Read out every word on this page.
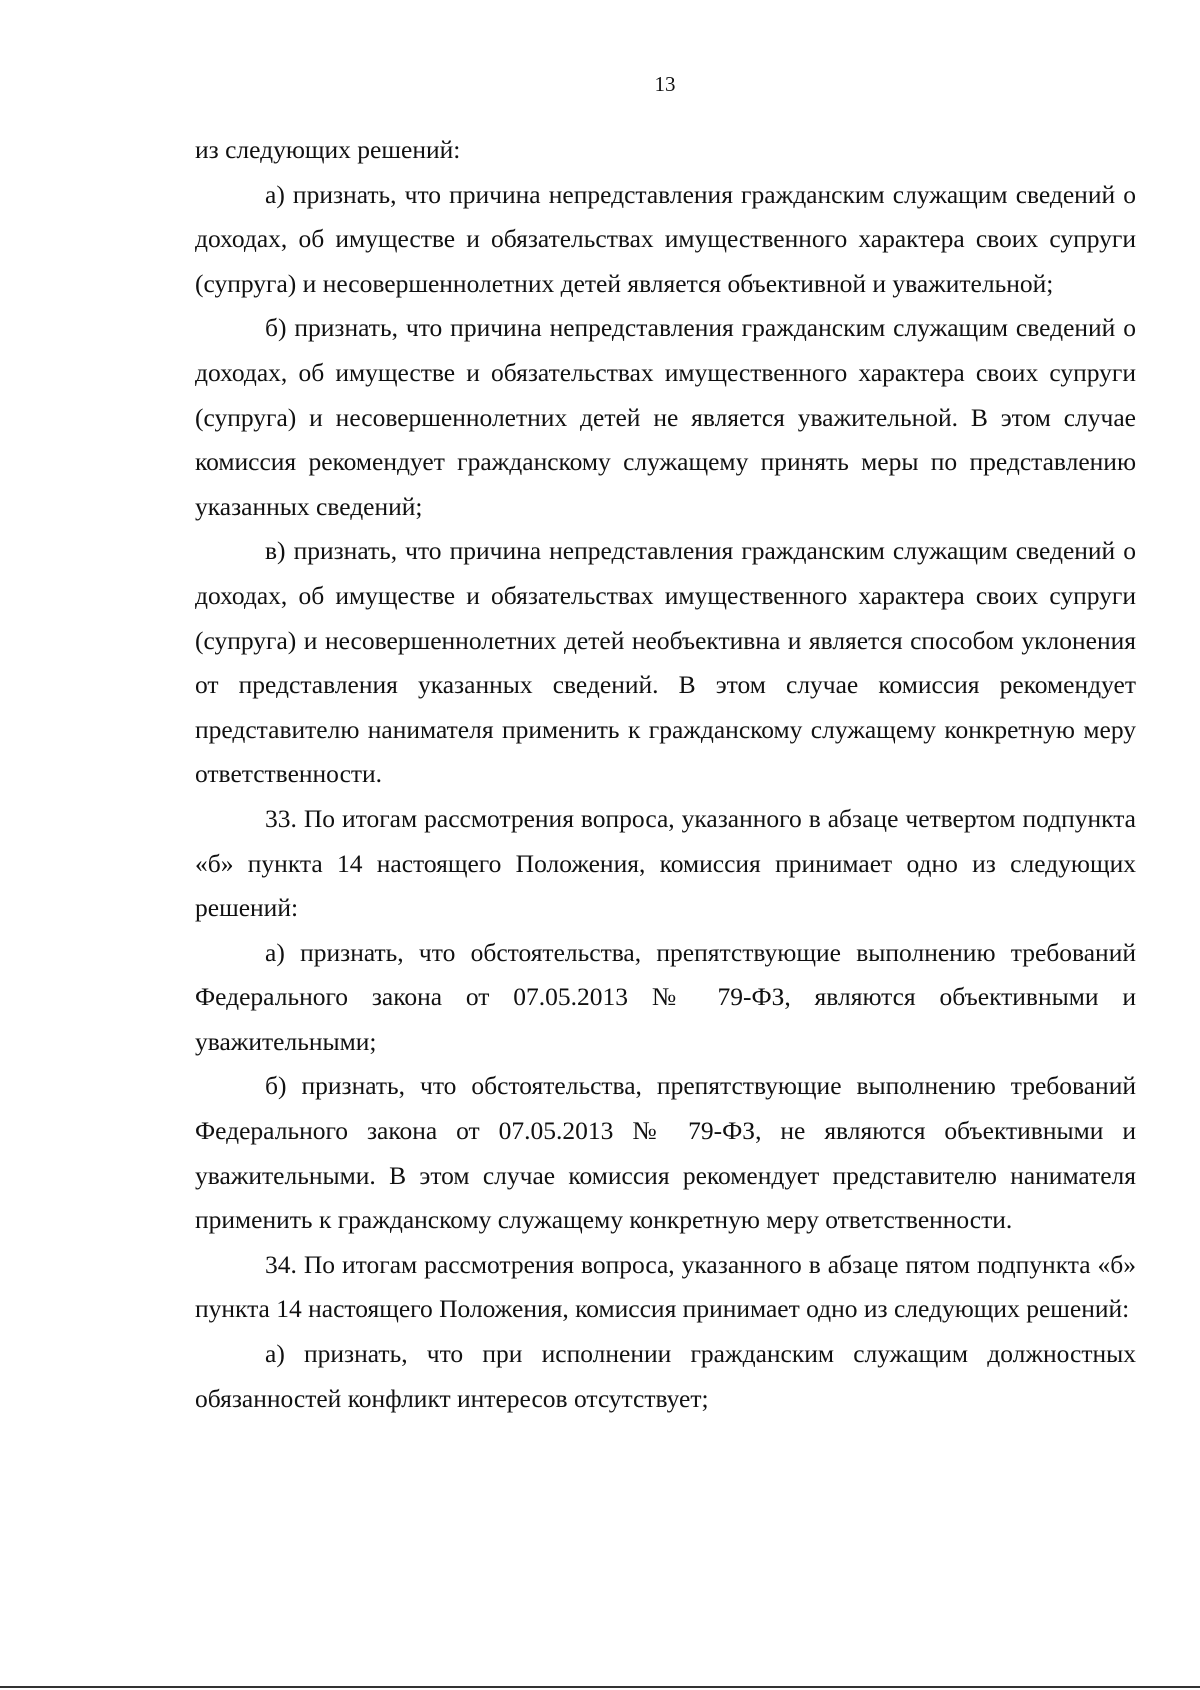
13

из следующих решений:

а) признать, что причина непредставления гражданским служащим сведений о доходах, об имуществе и обязательствах имущественного характера своих супруги (супруга) и несовершеннолетних детей является объективной и уважительной;

б) признать, что причина непредставления гражданским служащим сведений о доходах, об имуществе и обязательствах имущественного характера своих супруги (супруга) и несовершеннолетних детей не является уважительной. В этом случае комиссия рекомендует гражданскому служащему принять меры по представлению указанных сведений;

в) признать, что причина непредставления гражданским служащим сведений о доходах, об имуществе и обязательствах имущественного характера своих супруги (супруга) и несовершеннолетних детей необъективна и является способом уклонения от представления указанных сведений. В этом случае комиссия рекомендует представителю нанимателя применить к гражданскому служащему конкретную меру ответственности.

33. По итогам рассмотрения вопроса, указанного в абзаце четвертом подпункта «б» пункта 14 настоящего Положения, комиссия принимает одно из следующих решений:

а) признать, что обстоятельства, препятствующие выполнению требований Федерального закона от 07.05.2013 № 79-ФЗ, являются объективными и уважительными;

б) признать, что обстоятельства, препятствующие выполнению требований Федерального закона от 07.05.2013 № 79-ФЗ, не являются объективными и уважительными. В этом случае комиссия рекомендует представителю нанимателя применить к гражданскому служащему конкретную меру ответственности.

34. По итогам рассмотрения вопроса, указанного в абзаце пятом подпункта «б» пункта 14 настоящего Положения, комиссия принимает одно из следующих решений:

а) признать, что при исполнении гражданским служащим должностных обязанностей конфликт интересов отсутствует;
